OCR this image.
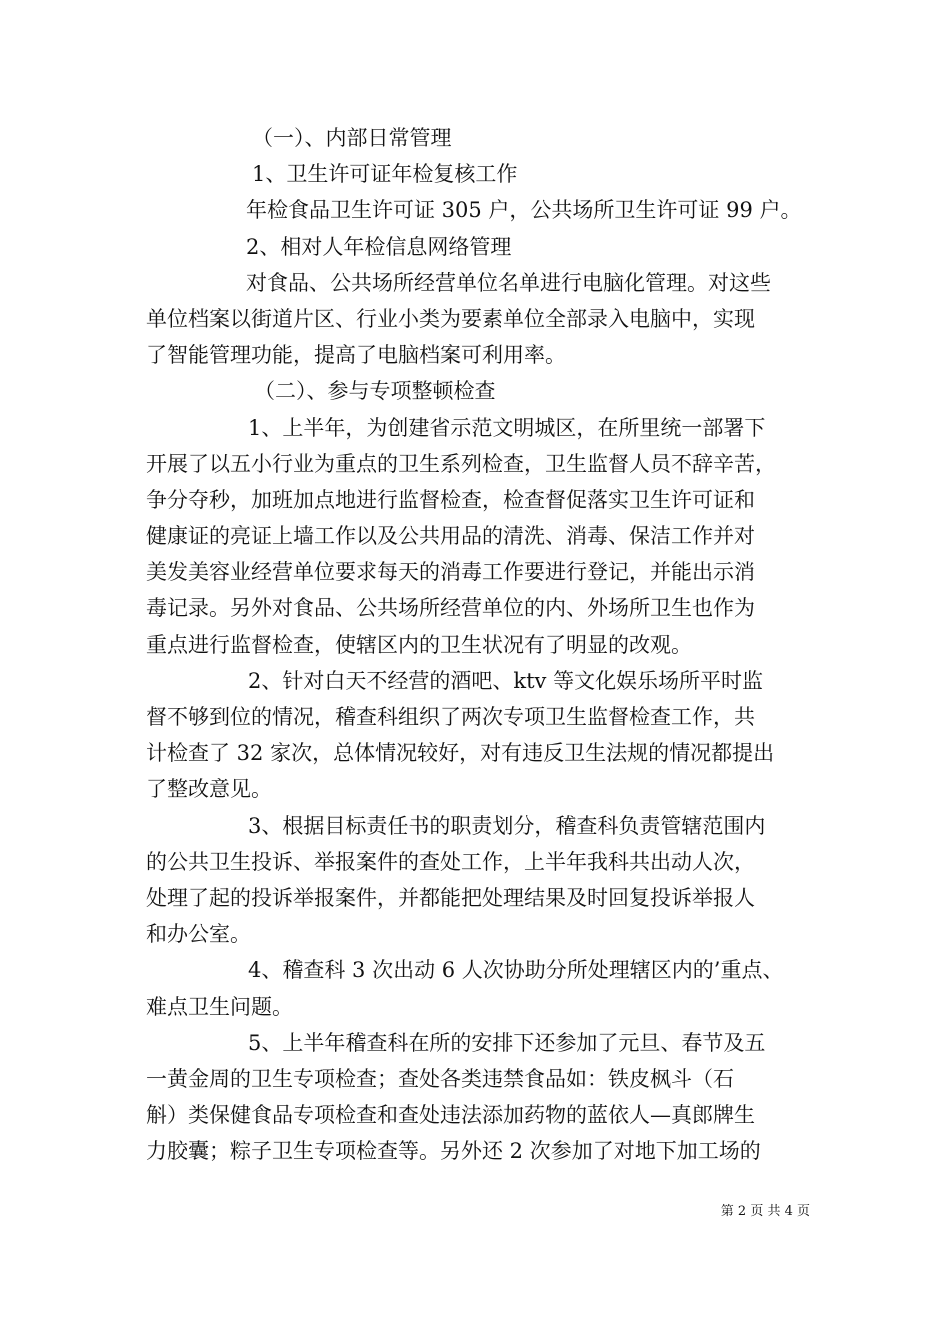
（一）、内部日常管理
1、卫生许可证年检复核工作
年检食品卫生许可证 305 户，公共场所卫生许可证 99 户。
2、相对人年检信息网络管理
对食品、公共场所经营单位名单进行电脑化管理。对这些
单位档案以街道片区、行业小类为要素单位全部录入电脑中，实现
了智能管理功能，提高了电脑档案可利用率。
（二）、参与专项整顿检查
1、上半年，为创建省示范文明城区，在所里统一部署下
开展了以五小行业为重点的卫生系列检查，卫生监督人员不辞辛苦，
争分夺秒，加班加点地进行监督检查，检查督促落实卫生许可证和
健康证的亮证上墙工作以及公共用品的清洗、消毒、保洁工作并对
美发美容业经营单位要求每天的消毒工作要进行登记，并能出示消
毒记录。另外对食品、公共场所经营单位的内、外场所卫生也作为
重点进行监督检查，使辖区内的卫生状况有了明显的改观。
2、针对白天不经营的酒吧、ktv 等文化娱乐场所平时监
督不够到位的情况，稽查科组织了两次专项卫生监督检查工作，共
计检查了 32 家次，总体情况较好，对有违反卫生法规的情况都提出
了整改意见。
3、根据目标责任书的职责划分，稽查科负责管辖范围内
的公共卫生投诉、举报案件的查处工作，上半年我科共出动人次，
处理了起的投诉举报案件，并都能把处理结果及时回复投诉举报人
和办公室。
4、稽查科 3 次出动 6 人次协助分所处理辖区内的’重点、
难点卫生问题。
5、上半年稽查科在所的安排下还参加了元旦、春节及五
一黄金周的卫生专项检查；查处各类违禁食品如：铁皮枫斗（石
斛）类保健食品专项检查和查处违法添加药物的蓝依人—真郎牌生
力胶囊；粽子卫生专项检查等。另外还 2 次参加了对地下加工场的
第 2 页 共 4 页
